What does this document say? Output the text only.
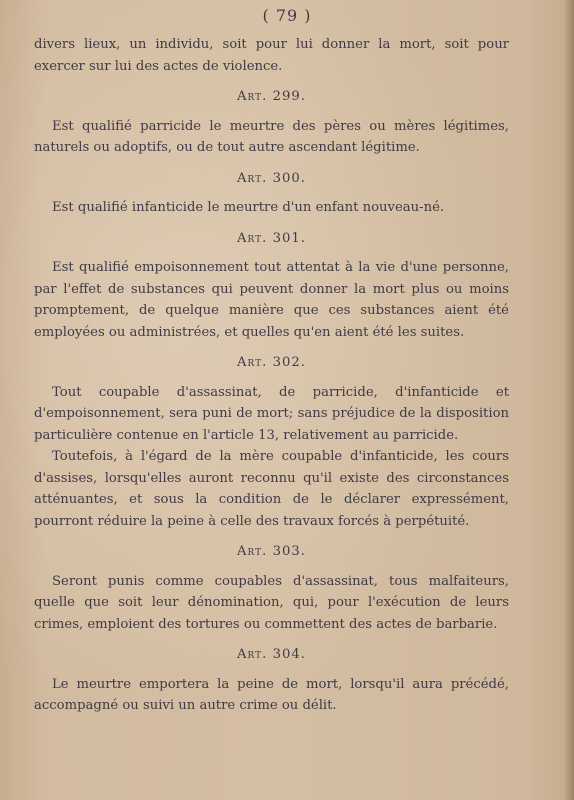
( 79 )

divers lieux, un individu, soit pour lui donner la mort, soit pour exercer sur lui des actes de violence.

Art. 299.

Est qualifié parricide le meurtre des pères ou mères légitimes, naturels ou adoptifs, ou de tout autre ascendant légitime.

Art. 300.

Est qualifié infanticide le meurtre d'un enfant nouveau-né.

Art. 301.

Est qualifié empoisonnement tout attentat à la vie d'une personne, par l'effet de substances qui peuvent donner la mort plus ou moins promptement, de quelque manière que ces substances aient été employées ou administrées, et quelles qu'en aient été les suites.

Art. 302.

Tout coupable d'assassinat, de parricide, d'infanticide et d'empoisonnement, sera puni de mort; sans préjudice de la disposition particulière contenue en l'article 13, relativement au parricide.

Toutefois, à l'égard de la mère coupable d'infanticide, les cours d'assises, lorsqu'elles auront reconnu qu'il existe des circonstances atténuantes, et sous la condition de le déclarer expressément, pourront réduire la peine à celle des travaux forcés à perpétuité.

Art. 303.

Seront punis comme coupables d'assassinat, tous malfaiteurs, quelle que soit leur dénomination, qui, pour l'exécution de leurs crimes, emploient des tortures ou commettent des actes de barbarie.

Art. 304.

Le meurtre emportera la peine de mort, lorsqu'il aura précédé, accompagné ou suivi un autre crime ou délit.
